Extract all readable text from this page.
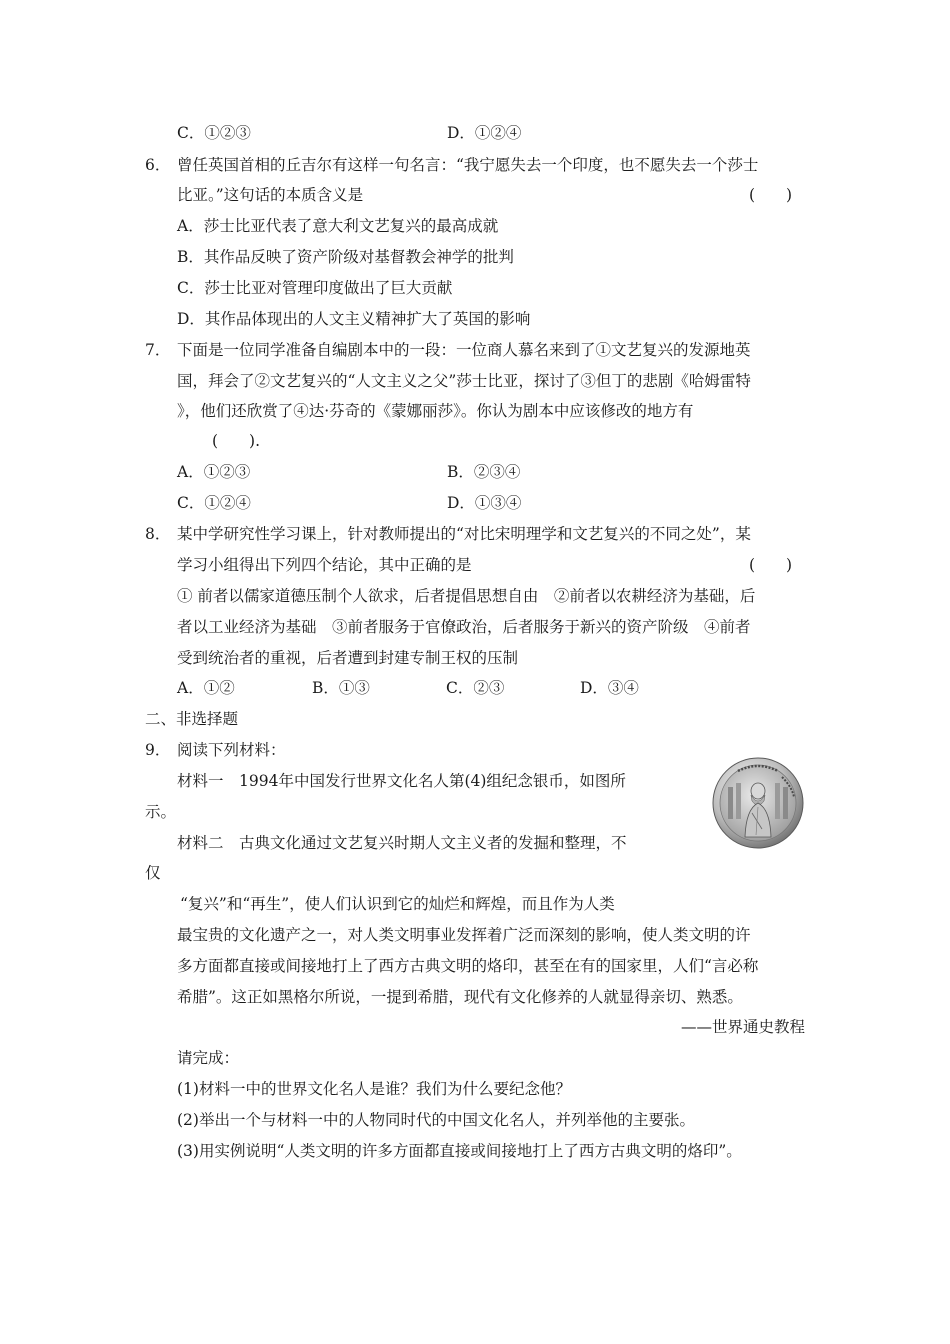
C．①②③	D．①②④
6． 曾任英国首相的丘吉尔有这样一句名言：“我宁愿失去一个印度，也不愿失去一个莎士
比亚。”这句话的本质含义是	(　　)
A．莎士比亚代表了意大利文艺复兴的最高成就
B．其作品反映了资产阶级对基督教会神学的批判
C．莎士比亚对管理印度做出了巨大贡献
D．其作品体现出的人文主义精神扩大了英国的影响
7． 下面是一位同学准备自编剧本中的一段：一位商人慕名来到了①文艺复兴的发源地英
国，拜会了②文艺复兴的“人文主义之父”莎士比亚，探讨了③但丁的悲剧《哈姆雷特
》，他们还欣赏了④达·芬奇的《蒙娜丽莎》。你认为剧本中应该修改的地方有
(　　).
A．①②③	B．②③④
C．①②④	D．①③④
8． 某中学研究性学习课上，针对教师提出的“对比宋明理学和文艺复兴的不同之处”，某
学习小组得出下列四个结论，其中正确的是	(　　)
① 前者以儒家道德压制个人欲求，后者提倡思想自由　②前者以农耕经济为基础，后
者以工业经济为基础　③前者服务于官僚政治，后者服务于新兴的资产阶级　④前者
受到统治者的重视，后者遭到封建专制王权的压制
A．①②	B．①③	C．②③	D．③④
二、非选择题
9． 阅读下列材料：
材料一　1994年中国发行世界文化名人第(4)组纪念银币，如图所
示。
材料二　古典文化通过文艺复兴时期人文主义者的发掘和整理，不
仅
“复兴”和“再生”，使人们认识到它的灿烂和辉煌，而且作为人类
最宝贵的文化遗产之一，对人类文明事业发挥着广泛而深刻的影响，使人类文明的许
多方面都直接或间接地打上了西方古典文明的烙印，甚至在有的国家里，人们“言必称
希腊”。这正如黑格尔所说，一提到希腊，现代有文化修养的人就显得亲切、熟悉。
——世界通史教程
请完成：
(1)材料一中的世界文化名人是谁？我们为什么要纪念他？
(2)举出一个与材料一中的人物同时代的中国文化名人，并列举他的主要张。
(3)用实例说明“人类文明的许多方面都直接或间接地打上了西方古典文明的烙印”。
